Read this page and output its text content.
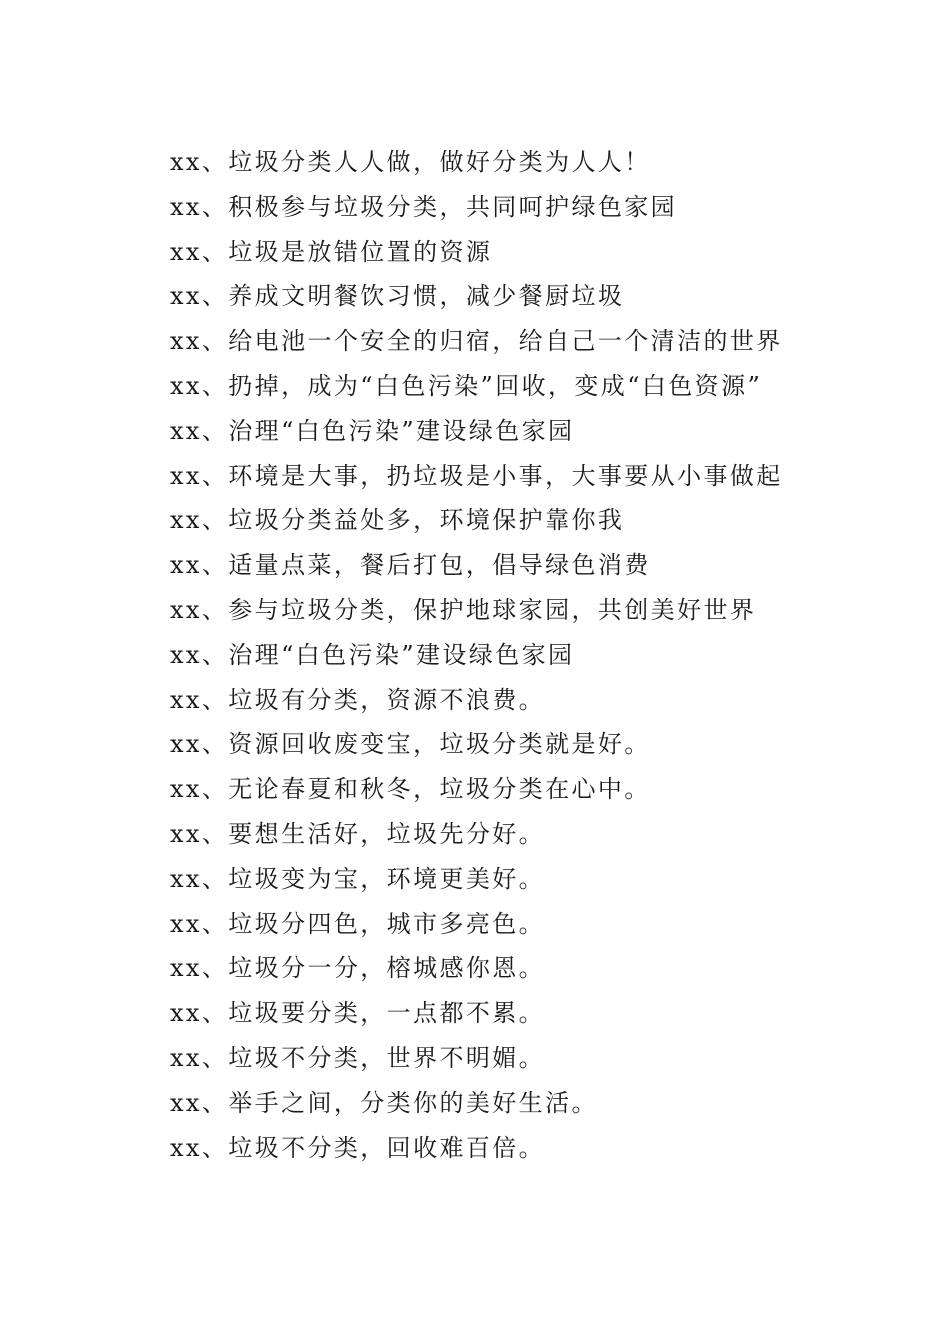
xx、垃圾分类人人做，做好分类为人人！
xx、积极参与垃圾分类，共同呵护绿色家园
xx、垃圾是放错位置的资源
xx、养成文明餐饮习惯，减少餐厨垃圾
xx、给电池一个安全的归宿，给自己一个清洁的世界
xx、扔掉，成为“白色污染”回收，变成“白色资源”
xx、治理“白色污染”建设绿色家园
xx、环境是大事，扔垃圾是小事，大事要从小事做起
xx、垃圾分类益处多，环境保护靠你我
xx、适量点菜，餐后打包，倡导绿色消费
xx、参与垃圾分类，保护地球家园，共创美好世界
xx、治理“白色污染”建设绿色家园
xx、垃圾有分类，资源不浪费。
xx、资源回收废变宝，垃圾分类就是好。
xx、无论春夏和秋冬，垃圾分类在心中。
xx、要想生活好，垃圾先分好。
xx、垃圾变为宝，环境更美好。
xx、垃圾分四色，城市多亮色。
xx、垃圾分一分，榕城感你恩。
xx、垃圾要分类，一点都不累。
xx、垃圾不分类，世界不明媚。
xx、举手之间，分类你的美好生活。
xx、垃圾不分类，回收难百倍。
